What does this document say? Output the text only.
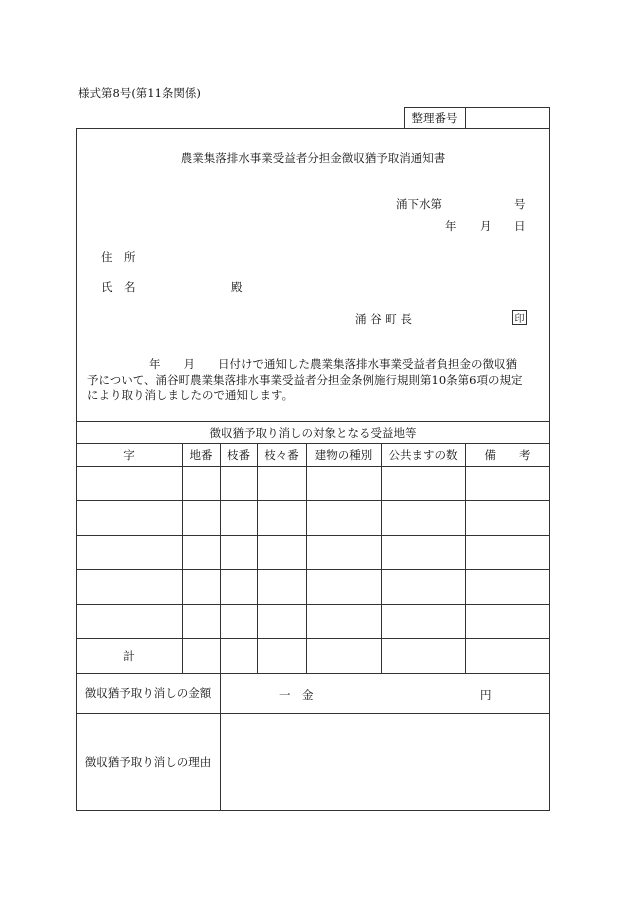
様式第8号(第11条関係)
整理番号
農業集落排水事業受益者分担金徴収猶予取消通知書
涌下水第	号
年 月 日
住　所
氏　名	殿
涌 谷 町 長	印
年　　月　　日付けで通知した農業集落排水事業受益者負担金の徴収猶
予について、涌谷町農業集落排水事業受益者分担金条例施行規則第10条第6項の規定
により取り消しましたので通知します。
徴収猶予取り消しの対象となる受益地等
字	地番	枝番	枝々番	建物の種別	公共ますの数	備　　考
計
徴収猶予取り消しの金額	一　金	円
徴収猶予取り消しの理由
